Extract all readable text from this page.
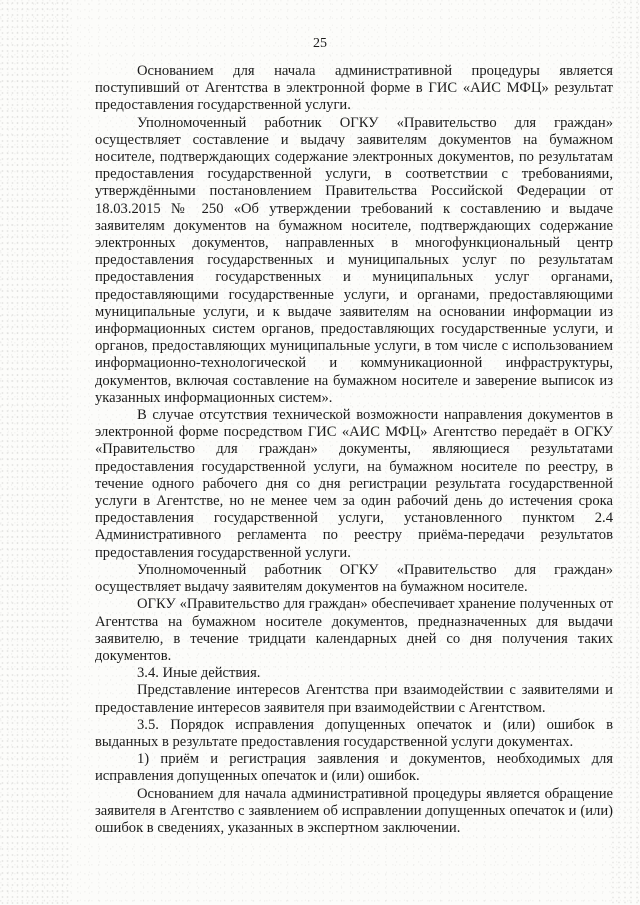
25

Основанием для начала административной процедуры является поступивший от Агентства в электронной форме в ГИС «АИС МФЦ» результат предоставления государственной услуги.

Уполномоченный работник ОГКУ «Правительство для граждан» осуществляет составление и выдачу заявителям документов на бумажном носителе, подтверждающих содержание электронных документов, по результатам предоставления государственной услуги, в соответствии с требованиями, утверждёнными постановлением Правительства Российской Федерации от 18.03.2015 № 250 «Об утверждении требований к составлению и выдаче заявителям документов на бумажном носителе, подтверждающих содержание электронных документов, направленных в многофункциональный центр предоставления государственных и муниципальных услуг по результатам предоставления государственных и муниципальных услуг органами, предоставляющими государственные услуги, и органами, предоставляющими муниципальные услуги, и к выдаче заявителям на основании информации из информационных систем органов, предоставляющих государственные услуги, и органов, предоставляющих муниципальные услуги, в том числе с использованием информационно-технологической и коммуникационной инфраструктуры, документов, включая составление на бумажном носителе и заверение выписок из указанных информационных систем».

В случае отсутствия технической возможности направления документов в электронной форме посредством ГИС «АИС МФЦ» Агентство передаёт в ОГКУ «Правительство для граждан» документы, являющиеся результатами предоставления государственной услуги, на бумажном носителе по реестру, в течение одного рабочего дня со дня регистрации результата государственной услуги в Агентстве, но не менее чем за один рабочий день до истечения срока предоставления государственной услуги, установленного пунктом 2.4 Административного регламента по реестру приёма-передачи результатов предоставления государственной услуги.

Уполномоченный работник ОГКУ «Правительство для граждан» осуществляет выдачу заявителям документов на бумажном носителе.

ОГКУ «Правительство для граждан» обеспечивает хранение полученных от Агентства на бумажном носителе документов, предназначенных для выдачи заявителю, в течение тридцати календарных дней со дня получения таких документов.

3.4. Иные действия.

Представление интересов Агентства при взаимодействии с заявителями и предоставление интересов заявителя при взаимодействии с Агентством.

3.5. Порядок исправления допущенных опечаток и (или) ошибок в выданных в результате предоставления государственной услуги документах.

1) приём и регистрация заявления и документов, необходимых для исправления допущенных опечаток и (или) ошибок.

Основанием для начала административной процедуры является обращение заявителя в Агентство с заявлением об исправлении допущенных опечаток и (или) ошибок в сведениях, указанных в экспертном заключении.
